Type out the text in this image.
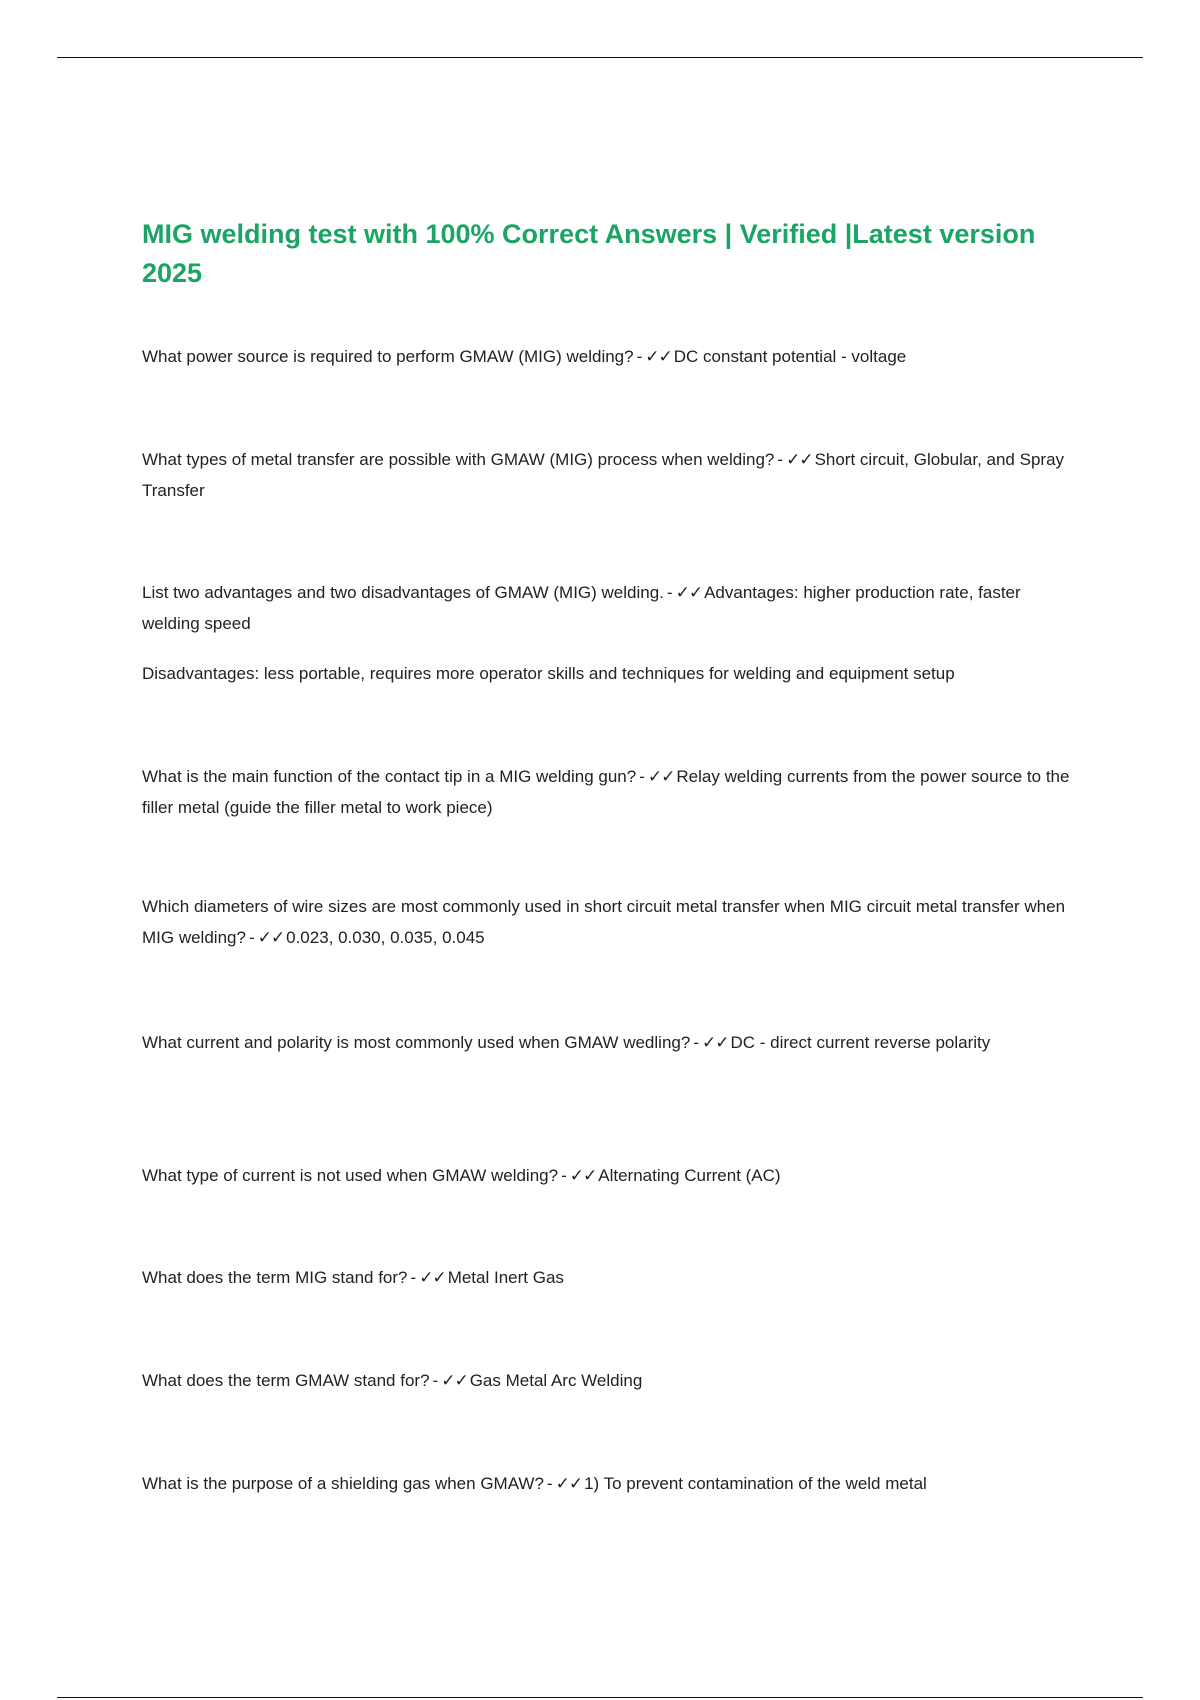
MIG welding test with 100% Correct Answers | Verified |Latest version 2025

What power source is required to perform GMAW (MIG) welding? - ✓✓ DC constant potential - voltage

What types of metal transfer are possible with GMAW (MIG) process when welding? - ✓✓ Short circuit, Globular, and Spray Transfer

List two advantages and two disadvantages of GMAW (MIG) welding. - ✓✓ Advantages: higher production rate, faster welding speed

Disadvantages: less portable, requires more operator skills and techniques for welding and equipment setup

What is the main function of the contact tip in a MIG welding gun? - ✓✓ Relay welding currents from the power source to the filler metal (guide the filler metal to work piece)

Which diameters of wire sizes are most commonly used in short circuit metal transfer when MIG circuit metal transfer when MIG welding? - ✓✓ 0.023, 0.030, 0.035, 0.045

What current and polarity is most commonly used when GMAW wedling? - ✓✓ DC - direct current reverse polarity

What type of current is not used when GMAW welding? - ✓✓ Alternating Current (AC)

What does the term MIG stand for? - ✓✓ Metal Inert Gas

What does the term GMAW stand for? - ✓✓ Gas Metal Arc Welding

What is the purpose of a shielding gas when GMAW? - ✓✓ 1) To prevent contamination of the weld metal
